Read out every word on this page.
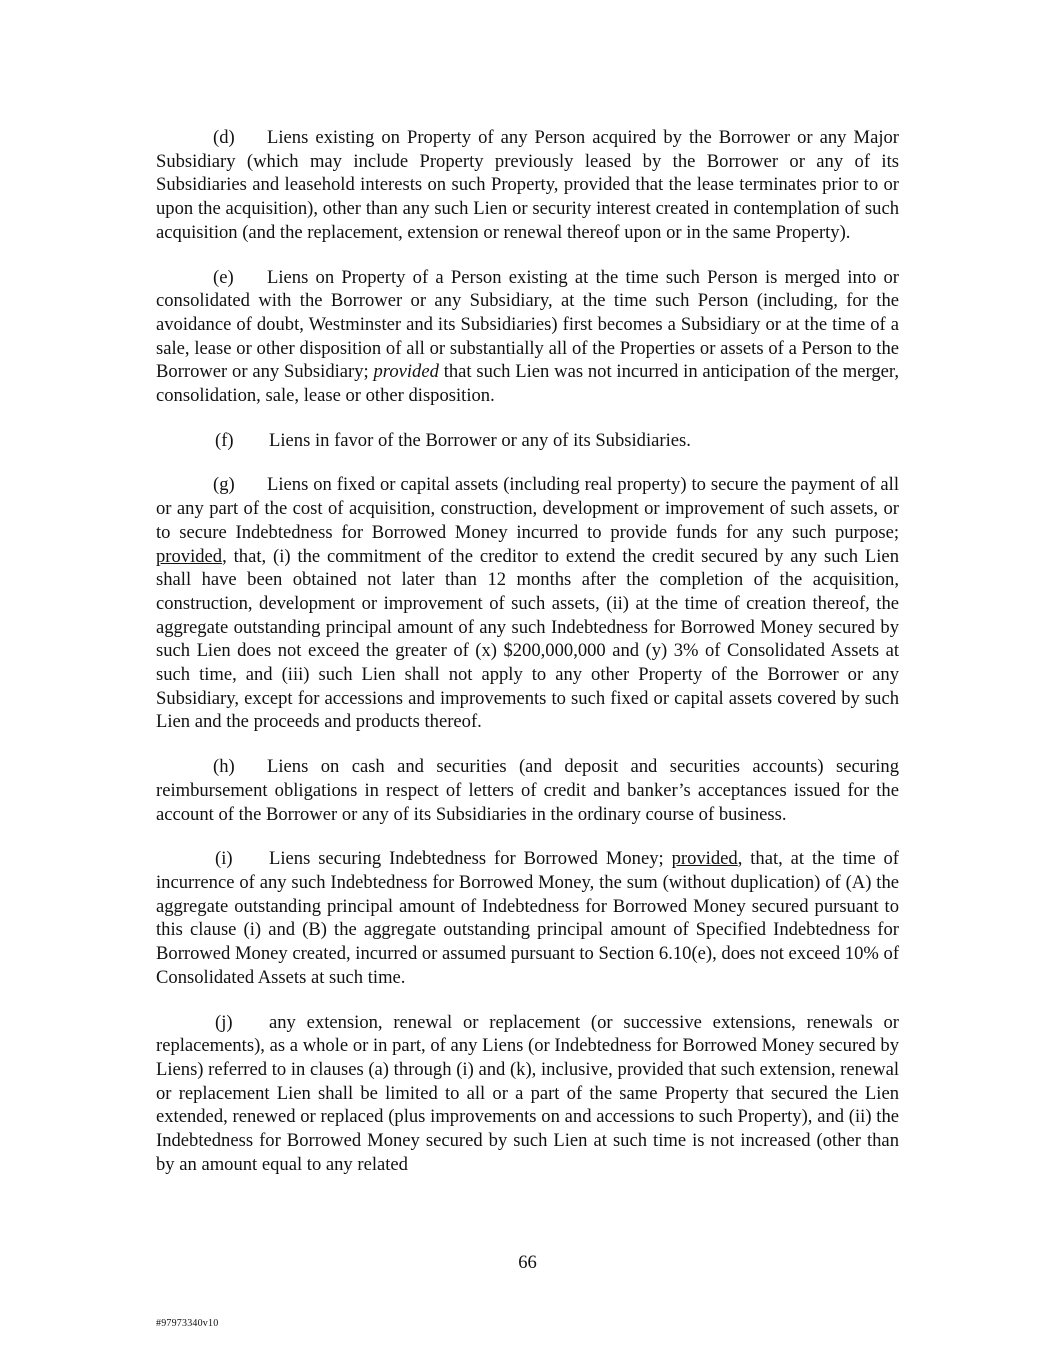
(d) Liens existing on Property of any Person acquired by the Borrower or any Major Subsidiary (which may include Property previously leased by the Borrower or any of its Subsidiaries and leasehold interests on such Property, provided that the lease terminates prior to or upon the acquisition), other than any such Lien or security interest created in contemplation of such acquisition (and the replacement, extension or renewal thereof upon or in the same Property).

(e) Liens on Property of a Person existing at the time such Person is merged into or consolidated with the Borrower or any Subsidiary, at the time such Person (including, for the avoidance of doubt, Westminster and its Subsidiaries) first becomes a Subsidiary or at the time of a sale, lease or other disposition of all or substantially all of the Properties or assets of a Person to the Borrower or any Subsidiary; provided that such Lien was not incurred in anticipation of the merger, consolidation, sale, lease or other disposition.

(f) Liens in favor of the Borrower or any of its Subsidiaries.

(g) Liens on fixed or capital assets (including real property) to secure the payment of all or any part of the cost of acquisition, construction, development or improvement of such assets, or to secure Indebtedness for Borrowed Money incurred to provide funds for any such purpose; provided, that, (i) the commitment of the creditor to extend the credit secured by any such Lien shall have been obtained not later than 12 months after the completion of the acquisition, construction, development or improvement of such assets, (ii) at the time of creation thereof, the aggregate outstanding principal amount of any such Indebtedness for Borrowed Money secured by such Lien does not exceed the greater of (x) $200,000,000 and (y) 3% of Consolidated Assets at such time, and (iii) such Lien shall not apply to any other Property of the Borrower or any Subsidiary, except for accessions and improvements to such fixed or capital assets covered by such Lien and the proceeds and products thereof.

(h) Liens on cash and securities (and deposit and securities accounts) securing reimbursement obligations in respect of letters of credit and banker’s acceptances issued for the account of the Borrower or any of its Subsidiaries in the ordinary course of business.

(i) Liens securing Indebtedness for Borrowed Money; provided, that, at the time of incurrence of any such Indebtedness for Borrowed Money, the sum (without duplication) of (A) the aggregate outstanding principal amount of Indebtedness for Borrowed Money secured pursuant to this clause (i) and (B) the aggregate outstanding principal amount of Specified Indebtedness for Borrowed Money created, incurred or assumed pursuant to Section 6.10(e), does not exceed 10% of Consolidated Assets at such time.

(j) any extension, renewal or replacement (or successive extensions, renewals or replacements), as a whole or in part, of any Liens (or Indebtedness for Borrowed Money secured by Liens) referred to in clauses (a) through (i) and (k), inclusive, provided that such extension, renewal or replacement Lien shall be limited to all or a part of the same Property that secured the Lien extended, renewed or replaced (plus improvements on and accessions to such Property), and (ii) the Indebtedness for Borrowed Money secured by such Lien at such time is not increased (other than by an amount equal to any related

66
#97973340v10
